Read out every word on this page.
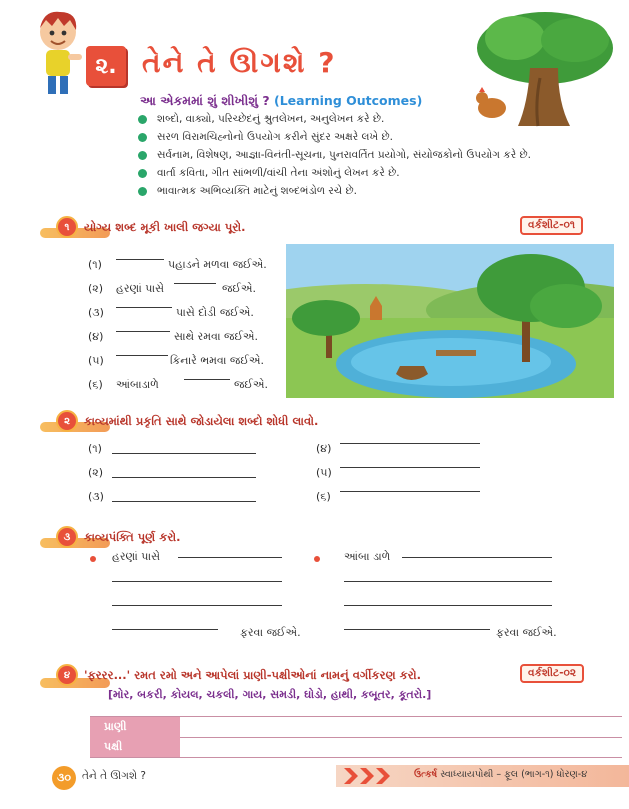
૨. તેને તે ઊગશે ?
આ એકમમાં શું શીખીશું ? (Learning Outcomes)
શબ્દો, વાક્યો, પરિચ્છેદનું શ્રુતલેખન, અનુલેખન કરે છે.
સરળ વિરામચિહ્નોનો ઉપયોગ કરીને સુંદર અક્ષરે લખે છે.
સર્વનામ, વિશેષણ, આજ્ઞા-વિનંતી-સૂચના, પુનરાવર્તિત પ્રયોગો, સંયોજકોનો ઉપયોગ કરે છે.
વાર્તા કવિતા, ગીત સાંભળી/વાંચી તેના અંશોનું લેખન કરે છે.
ભાવાત્મક અભિવ્યક્તિ માટેનું શબ્દભંડોળ રચે છે.
૧	યોગ્ય શબ્દ મૂકી ખાલી જગ્યા પૂરો.	વર્કશીટ-૦૧
(૧)	પહાડને મળવા જઈએ.
(૨) હરણાં પાસે	જઈએ.
(૩)	પાસે દોડી જઈએ.
(૪)	સાથે રમવા જઈએ.
(૫)	કિનારે ભમવા જઈએ.
(૬) આંબાડાળે	જઈએ.
૨	કાવ્યમાંથી પ્રકૃતિ સાથે જોડાયેલા શબ્દો શોધી લાવો.
(૧)
(૨)
(૩)
(૪)
(૫)
(૬)
૩	કાવ્યપંક્તિ પૂર્ણ કરો.
હરણાં પાસે
ફરવા જઈએ.
આંબા ડાળે
ફરવા જઈએ.
૪	'ફરરર...' રમત રમો અને આપેલાં પ્રાણી-પક્ષીઓનાં નામનું વર્ગીકરણ કરો.	વર્કશીટ-૦૨
[મોર, બકરી, કોયલ, ચકલી, ગાય, સમડી, ઘોડો, હાથી, કબૂતર, કૂતરો.]
પ્રાણી
પક્ષી
૩૦	તેને તે ઊગશે ?	ઉત્કર્ષ સ્વાધ્યાયપોથી – ફૂલ (ભાગ-૧) ધોરણ-૪
